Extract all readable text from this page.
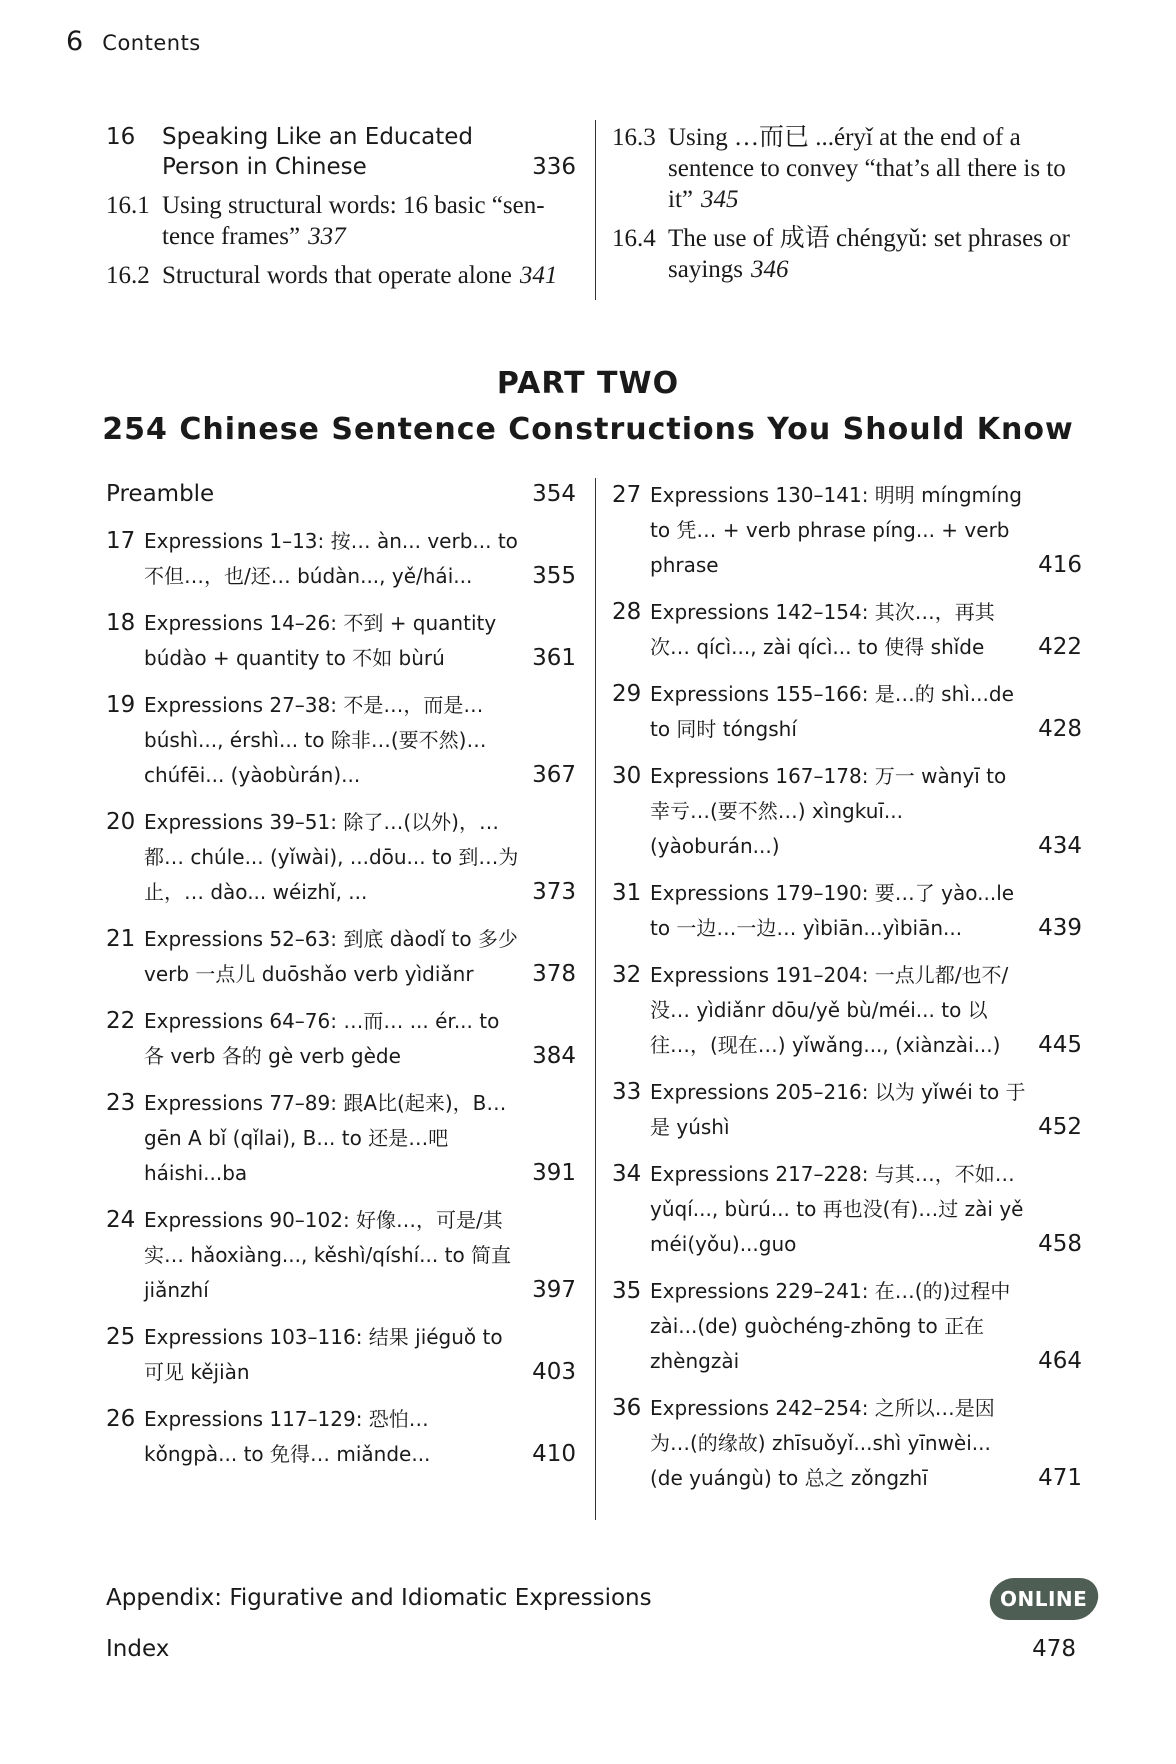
6 Contents
16	Speaking Like an Educated
Person in Chinese	336
16.1 Using structural words: 16 basic “sen-tence frames” 337
16.2 Structural words that operate alone 341
16.3 Using …而已 ...éryǐ at the end of a sentence to convey “that’s all there is to it” 345
16.4 The use of 成语 chéngyǔ: set phrases or sayings 346
PART TWO
254 Chinese Sentence Constructions You Should Know
Preamble	354
17 Expressions 1–13: 按… àn... verb... to 不但…，也/还… búdàn..., yě/hái...	355
18 Expressions 14–26: 不到 + quantity búdào + quantity to 不如 bùrú	361
19 Expressions 27–38: 不是…，而是… búshì..., érshì... to 除非…(要不然)… chúfēi... (yàobùrán)...	367
20 Expressions 39–51: 除了…(以外)，…都… chúle... (yǐwài), ...dōu... to 到…为止，… dào... wéizhǐ, ...	373
21 Expressions 52–63: 到底 dàodǐ to 多少 verb 一点儿 duōshǎo verb yìdiǎnr	378
22 Expressions 64–76: …而… ... ér... to 各 verb 各的 gè verb gède	384
23 Expressions 77–89: 跟A比(起来)，B… gēn A bǐ (qǐlai), B... to 还是…吧 háishi...ba	391
24 Expressions 90–102: 好像…，可是/其实… hǎoxiàng..., kěshì/qíshí... to 简直 jiǎnzhí	397
25 Expressions 103–116: 结果 jiéguǒ to 可见 kějiàn	403
26 Expressions 117–129: 恐怕… kǒngpà... to 免得… miǎnde...	410
27 Expressions 130–141: 明明 míngmíng to 凭… + verb phrase píng... + verb phrase	416
28 Expressions 142–154: 其次…，再其次… qícì..., zài qícì... to 使得 shǐde	422
29 Expressions 155–166: 是…的 shì...de to 同时 tóngshí	428
30 Expressions 167–178: 万一 wànyī to 幸亏…(要不然…) xìngkuī... (yàoburán...)	434
31 Expressions 179–190: 要…了 yào...le to 一边…一边… yìbiān...yìbiān...	439
32 Expressions 191–204: 一点儿都/也不/没… yìdiǎnr dōu/yě bù/méi... to 以往…，(现在…) yǐwǎng..., (xiànzài...)	445
33 Expressions 205–216: 以为 yǐwéi to 于是 yúshì	452
34 Expressions 217–228: 与其…，不如… yǔqí..., bùrú... to 再也没(有)…过 zài yě méi(yǒu)...guo	458
35 Expressions 229–241: 在…(的)过程中 zài...(de) guòchéng-zhōng to 正在 zhèngzài	464
36 Expressions 242–254: 之所以…是因为…(的缘故) zhīsuǒyǐ...shì yīnwèi... (de yuángù) to 总之 zǒngzhī	471
Appendix: Figurative and Idiomatic Expressions	ONLINE
Index	478
